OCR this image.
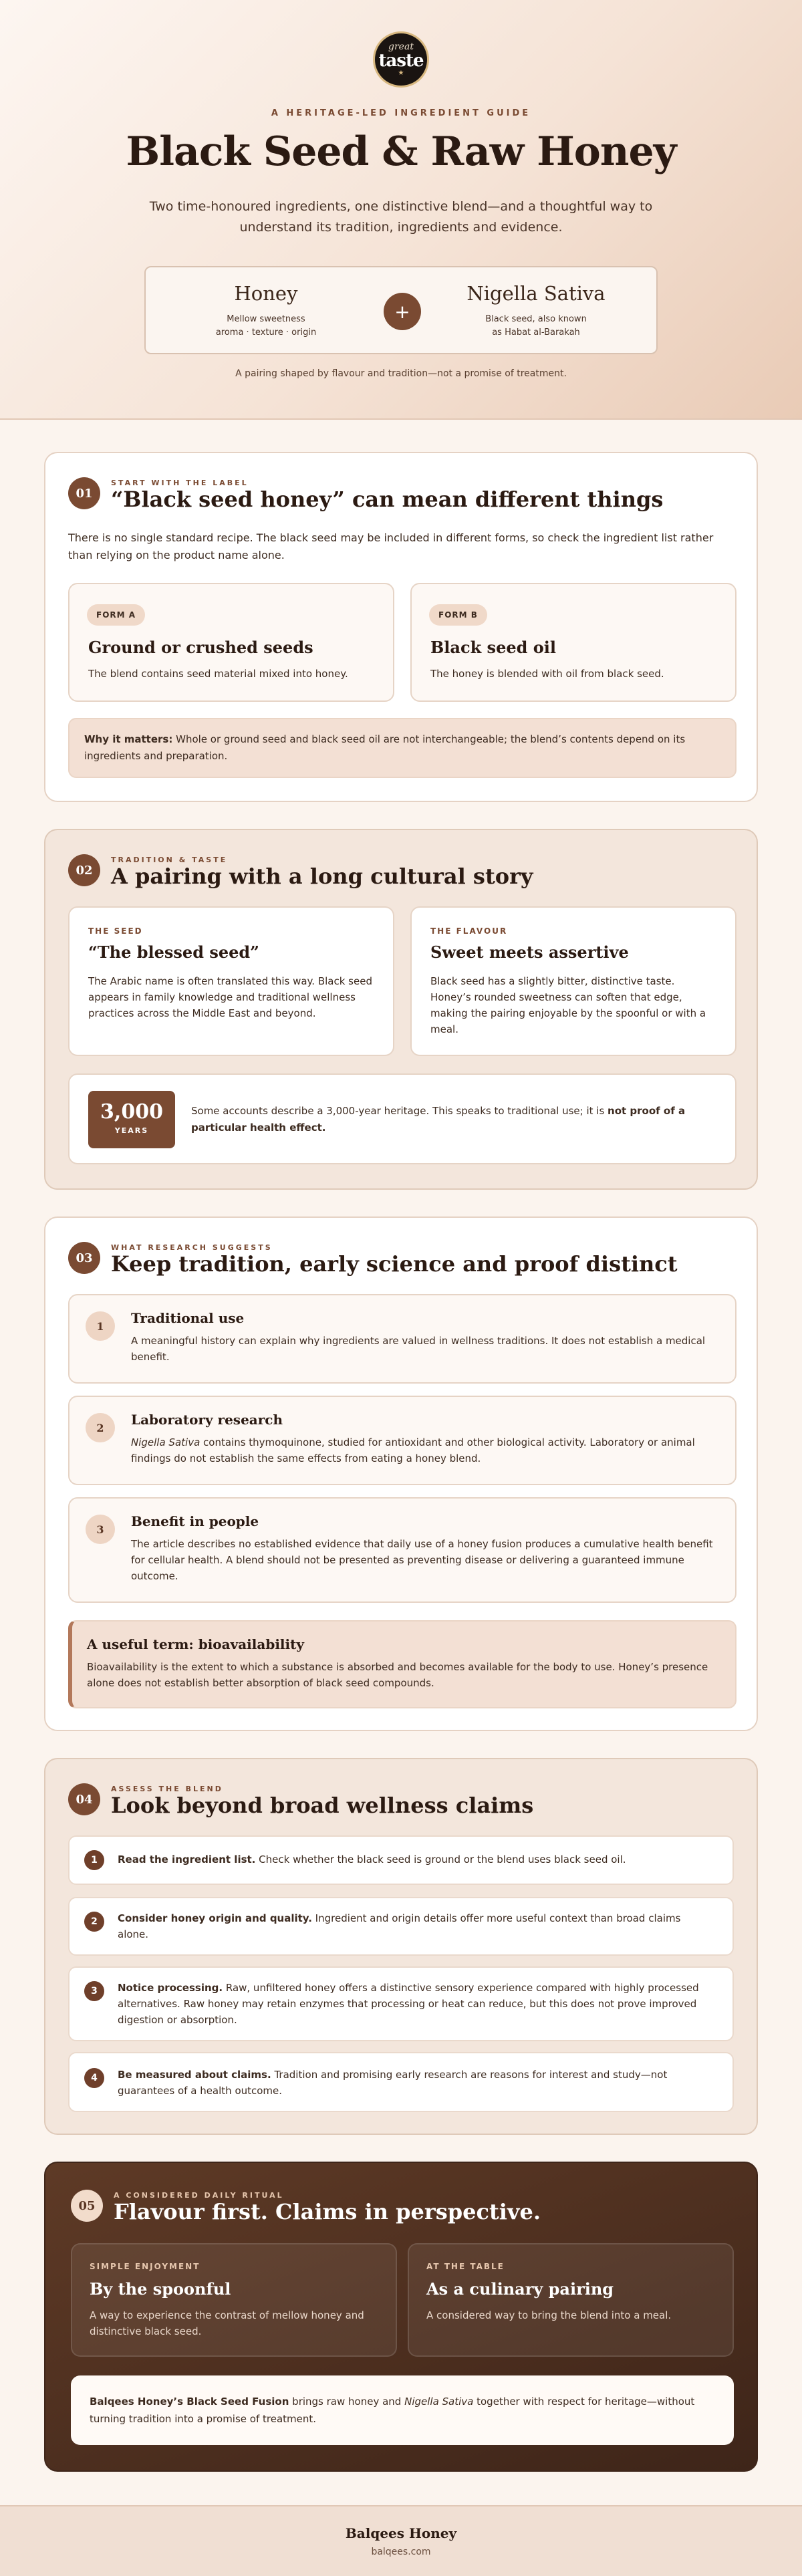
great
taste
★
A HERITAGE-LED INGREDIENT GUIDE
Black Seed & Raw Honey

Two time-honoured ingredients, one distinctive blend—and a thoughtful way to understand its tradition, ingredients and evidence.

Honey
Mellow sweetness
aroma · texture · origin
+
Nigella Sativa
Black seed, also known
as Habat al-Barakah
A pairing shaped by flavour and tradition—not a promise of treatment.
01
START WITH THE LABEL
“Black seed honey” can mean different things

There is no single standard recipe. The black seed may be included in different forms, so check the ingredient list rather than relying on the product name alone.

FORM A
Ground or crushed seeds
The blend contains seed material mixed into honey.
FORM B
Black seed oil
The honey is blended with oil from black seed.

Why it matters: Whole or ground seed and black seed oil are not interchangeable; the blend’s contents depend on its ingredients and preparation.

02
TRADITION & TASTE
A pairing with a long cultural story
THE SEED
“The blessed seed”
The Arabic name is often translated this way. Black seed appears in family knowledge and traditional wellness practices across the Middle East and beyond.
THE FLAVOUR
Sweet meets assertive
Black seed has a slightly bitter, distinctive taste. Honey’s rounded sweetness can soften that edge, making the pairing enjoyable by the spoonful or with a meal.
3,000
YEARS

Some accounts describe a 3,000-year heritage. This speaks to traditional use; it is not proof of a particular health effect.

03
WHAT RESEARCH SUGGESTS
Keep tradition, early science and proof distinct
1	Traditional use
A meaningful history can explain why ingredients are valued in wellness traditions. It does not establish a medical benefit.
2	Laboratory research

Nigella Sativa contains thymoquinone, studied for antioxidant and other biological activity. Laboratory or animal findings do not establish the same effects from eating a honey blend.

3	Benefit in people
The article describes no established evidence that daily use of a honey fusion produces a cumulative health benefit for cellular health. A blend should not be presented as preventing disease or delivering a guaranteed immune outcome.
A useful term: bioavailability
Bioavailability is the extent to which a substance is absorbed and becomes available for the body to use. Honey’s presence alone does not establish better absorption of black seed compounds.
04
ASSESS THE BLEND
Look beyond broad wellness claims
1	Read the ingredient list. Check whether the black seed is ground or the blend uses black seed oil.

2	Consider honey origin and quality. Ingredient and origin details offer more useful context than broad claims alone.

3	Notice processing. Raw, unfiltered honey offers a distinctive sensory experience compared with highly processed alternatives. Raw honey may retain enzymes that processing or heat can reduce, but this does not prove improved digestion or absorption.

4	Be measured about claims. Tradition and promising early research are reasons for interest and study—not guarantees of a health outcome.

05
A CONSIDERED DAILY RITUAL
Flavour first. Claims in perspective.
SIMPLE ENJOYMENT
By the spoonful
A way to experience the contrast of mellow honey and distinctive black seed.
AT THE TABLE
As a culinary pairing
A considered way to bring the blend into a meal.

Balqees Honey’s Black Seed Fusion brings raw honey and Nigella Sativa together with respect for heritage—without turning tradition into a promise of treatment.

Balqees Honey
balqees.com
